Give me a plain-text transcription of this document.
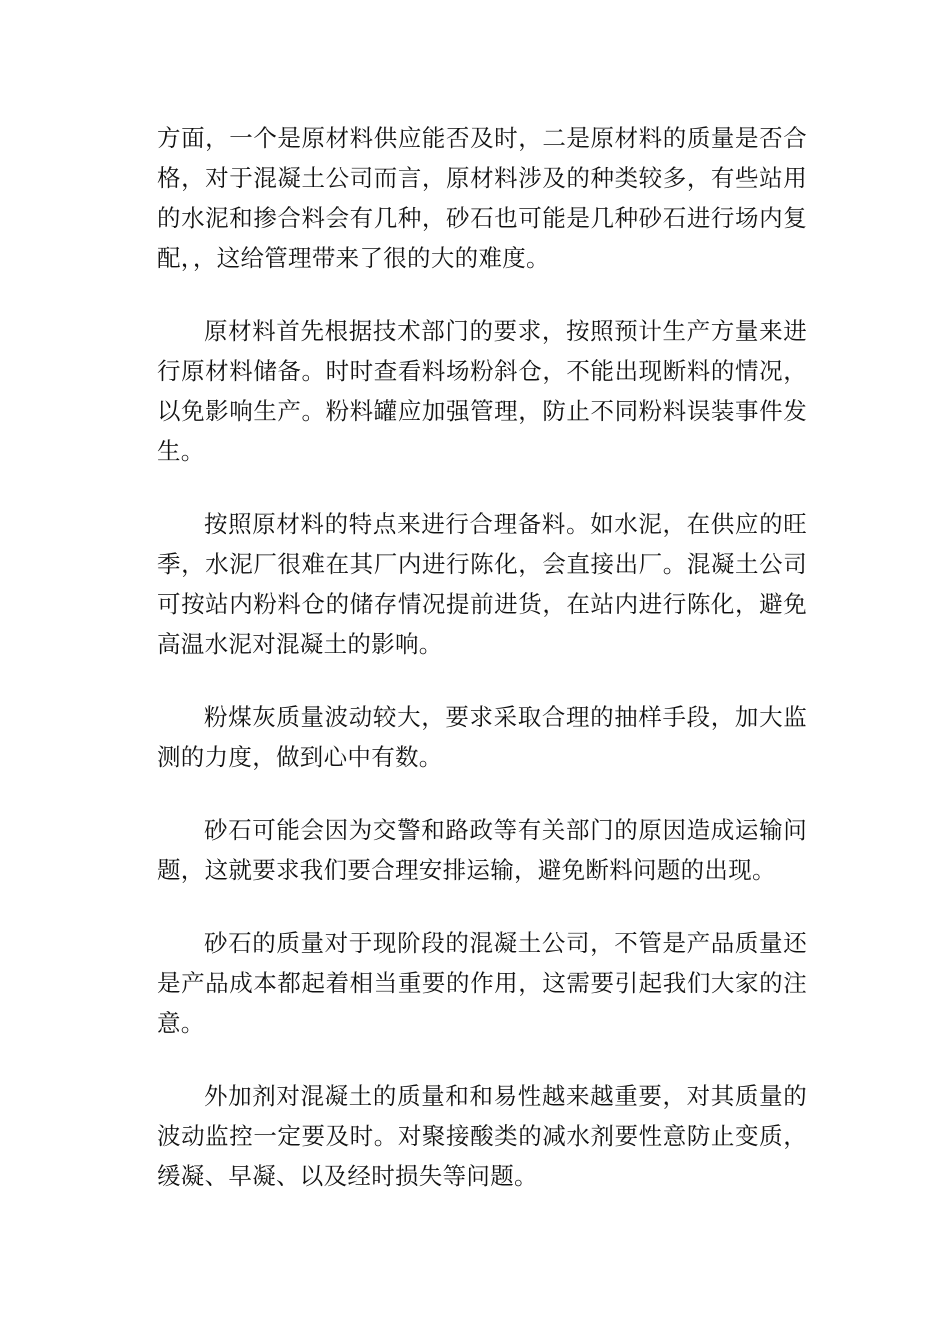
方面，一个是原材料供应能否及时，二是原材料的质量是否合格，对于混凝土公司而言，原材料涉及的种类较多，有些站用的水泥和掺合料会有几种，砂石也可能是几种砂石进行场内复配，，这给管理带来了很的大的难度。

原材料首先根据技术部门的要求，按照预计生产方量来进行原材料储备。时时查看料场粉斜仓，不能出现断料的情况，以免影响生产。粉料罐应加强管理，防止不同粉料误装事件发生。

按照原材料的特点来进行合理备料。如水泥，在供应的旺季，水泥厂很难在其厂内进行陈化，会直接出厂。混凝土公司可按站内粉料仓的储存情况提前进货，在站内进行陈化，避免高温水泥对混凝土的影响。

粉煤灰质量波动较大，要求采取合理的抽样手段，加大监测的力度，做到心中有数。

砂石可能会因为交警和路政等有关部门的原因造成运输问题，这就要求我们要合理安排运输，避免断料问题的出现。

砂石的质量对于现阶段的混凝土公司，不管是产品质量还是产品成本都起着相当重要的作用，这需要引起我们大家的注意。

外加剂对混凝土的质量和和易性越来越重要，对其质量的波动监控一定要及时。对聚接酸类的减水剂要性意防止变质，缓凝、早凝、以及经时损失等问题。
